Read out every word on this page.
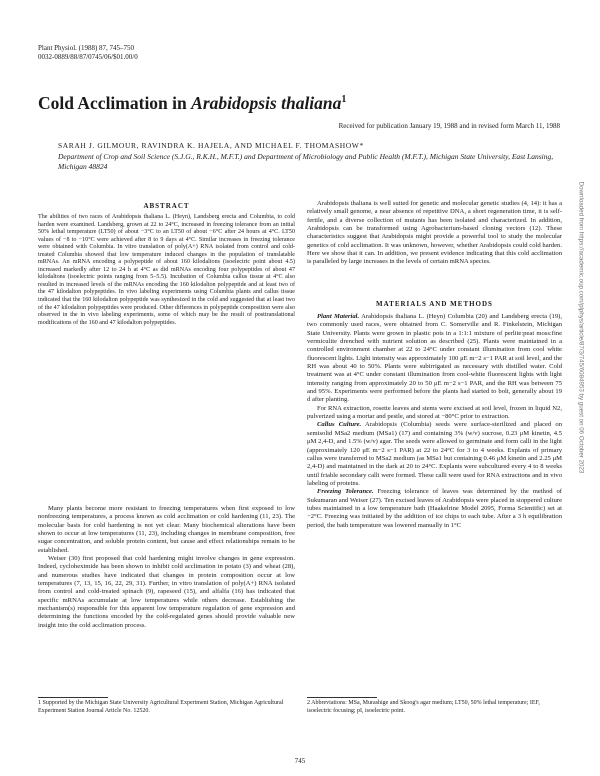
Plant Physiol. (1988) 87, 745–750
0032-0889/88/87/0745/06/$01.00/0
Cold Acclimation in Arabidopsis thaliana$^1$
Received for publication January 19, 1988 and in revised form March 11, 1988
SARAH J. GILMOUR, RAVINDRA K. HAJELA, AND MICHAEL F. THOMASHOW*
Department of Crop and Soil Science (S.J.G., R.K.H., M.F.T.) and Department of Microbiology and Public Health (M.F.T.), Michigan State University, East Lansing, Michigan 48824
ABSTRACT
The abilities of two races of Arabidopsis thaliana L. (Heyn), Landsberg erecta and Columbia, to cold harden were examined. Landsberg, grown at 22 to 24°C, increased in freezing tolerance from an initial 50% lethal temperature (LT50) of about −3°C to an LT50 of about −6°C after 24 hours at 4°C. LT50 values of −8 to −10°C were achieved after 8 to 9 days at 4°C. Similar increases in freezing tolerance were obtained with Columbia. In vitro translation of poly(A+) RNA isolated from control and cold-treated Columbia showed that low temperature induced changes in the population of translatable mRNAs. An mRNA encoding a polypeptide of about 160 kilodaltons (isoelectric point about 4.5) increased markedly after 12 to 24 h at 4°C as did mRNAs encoding four polypeptides of about 47 kilodaltons (isoelectric points ranging from 5–5.5). Incubation of Columbia callus tissue at 4°C also resulted in increased levels of the mRNAs encoding the 160 kilodalton polypeptide and at least two of the 47 kilodalton polypeptides. In vivo labeling experiments using Columbia plants and callus tissue indicated that the 160 kilodalton polypeptide was synthesized in the cold and suggested that at least two of the 47 kilodalton polypeptides were produced. Other differences in polypeptide composition were also observed in the in vivo labeling experiments, some of which may be the result of posttranslational modifications of the 160 and 47 kilodalton polypeptides.

Many plants become more resistant to freezing temperatures when first exposed to low nonfreezing temperatures, a process known as cold acclimation or cold hardening (11, 23). The molecular basis for cold hardening is not yet clear. Many biochemical alterations have been shown to occur at low temperatures (11, 23), including changes in membrane composition, free sugar concentration, and soluble protein content, but cause and effect relationships remain to be established.

Weiser (30) first proposed that cold hardening might involve changes in gene expression. Indeed, cycloheximide has been shown to inhibit cold acclimation in potato (3) and wheat (28), and numerous studies have indicated that changes in protein composition occur at low temperatures (7, 13, 15, 16, 22, 29, 31). Further, in vitro translation of poly(A+) RNA isolated from control and cold-treated spinach (9), rapeseed (15), and alfalfa (16) has indicated that specific mRNAs accumulate at low temperatures while others decrease. Establishing the mechanism(s) responsible for this apparent low temperature regulation of gene expression and determining the functions encoded by the cold-regulated genes should provide valuable new insight into the cold acclimation process.

Arabidopsis thaliana is well suited for genetic and molecular genetic studies (4, 14): it has a relatively small genome, a near absence of repetitive DNA, a short regeneration time, it is self-fertile, and a diverse collection of mutants has been isolated and characterized. In addition, Arabidopsis can be transformed using Agrobacterium-based cloning vectors (12). These characteristics suggest that Arabidopsis might provide a powerful tool to study the molecular genetics of cold acclimation. It was unknown, however, whether Arabidopsis could cold harden. Here we show that it can. In addition, we present evidence indicating that this cold acclimation is paralleled by large increases in the levels of certain mRNA species.

MATERIALS AND METHODS

Plant Material. Arabidopsis thaliana L. (Heyn) Columbia (20) and Landsberg erecta (19), two commonly used races, were obtained from C. Somerville and R. Finkelstein, Michigan State University. Plants were grown in plastic pots in a 1:1:1 mixture of perlite:peat moss:fine vermiculite drenched with nutrient solution as described (25). Plants were maintained in a controlled environment chamber at 22 to 24°C under constant illumination from cool white fluorescent lights. Light intensity was approximately 100 μE m−2 s−1 PAR at soil level, and the RH was about 40 to 50%. Plants were subirrigated as necessary with distilled water. Cold treatment was at 4°C under constant illumination from cool-white fluorescent lights with light intensity ranging from approximately 20 to 50 μE m−2 s−1 PAR, and the RH was between 75 and 95%. Experiments were performed before the plants had started to bolt, generally about 19 d after planting.

For RNA extraction, rosette leaves and stems were excised at soil level, frozen in liquid N2, pulverized using a mortar and pestle, and stored at −80°C prior to extraction.

Callus Culture. Arabidopsis (Columbia) seeds were surface-sterilized and placed on semisolid MSa2 medium (MSa1) (17) and containing 3% (w/v) sucrose, 0.23 μM kinetin, 4.5 μM 2,4-D, and 1.5% (w/v) agar. The seeds were allowed to germinate and form calli in the light (approximately 120 μE m−2 s−1 PAR) at 22 to 24°C for 3 to 4 weeks. Explants of primary callus were transferred to MSa2 medium (as MSa1 but containing 0.46 μM kinetin and 2.25 μM 2,4-D) and maintained in the dark at 20 to 24°C. Explants were subcultured every 4 to 8 weeks until friable secondary calli were formed. These calli were used for RNA extractions and in vivo labeling of proteins.

Freezing Tolerance. Freezing tolerance of leaves was determined by the method of Sukumaran and Weiser (27). Ten excised leaves of Arabidopsis were placed in stoppered culture tubes maintained in a low temperature bath (Haakelrine Model 2095, Forma Scientific) set at −2°C. Freezing was initiated by the addition of ice chips to each tube. After a 3 h equilibration period, the bath temperature was lowered manually in 1°C

1 Supported by the Michigan State University Agricultural Experiment Station, Michigan Agricultural Experiment Station Journal Article No. 12520.
2 Abbreviations: MSa, Murashige and Skoog's agar medium; LT50, 50% lethal temperature; IEF, isoelectric focusing; pI, isoelectric point.
745
Downloaded from https://academic.oup.com/plphys/article/87/3/745/6084953 by guest on 06 October 2023
